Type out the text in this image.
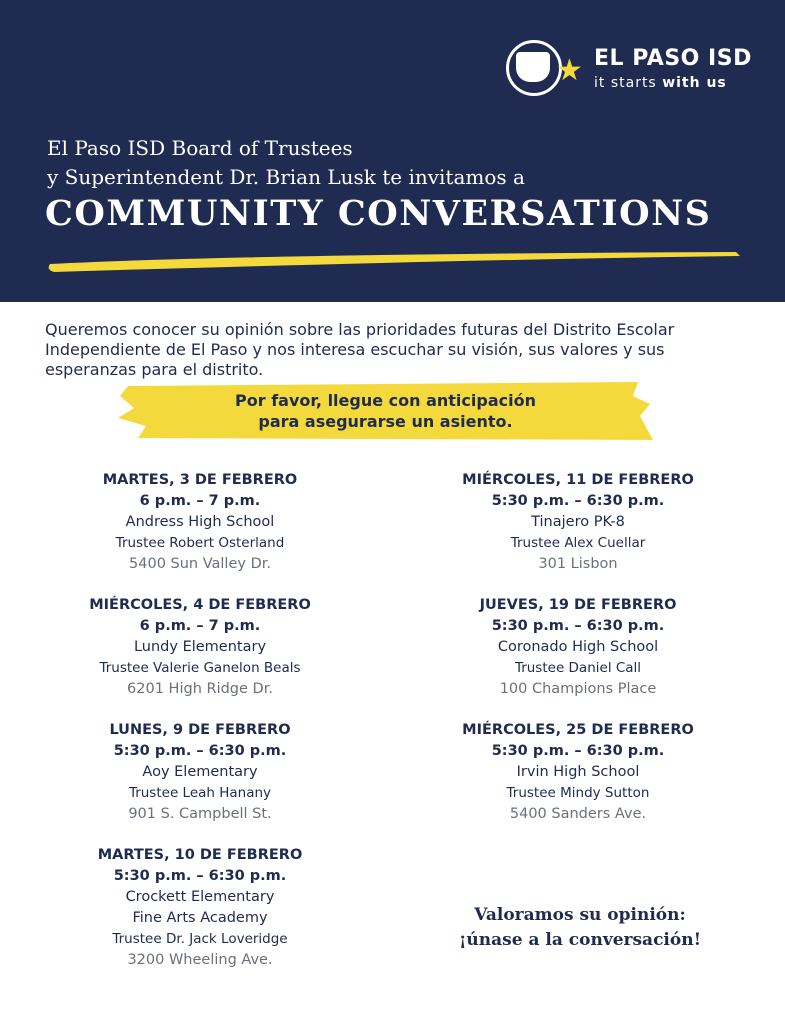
★ EL PASO ISD
it starts with us
El Paso ISD Board of Trustees
y Superintendent Dr. Brian Lusk te invitamos a
COMMUNITY CONVERSATIONS
Queremos conocer su opinión sobre las prioridades futuras del Distrito Escolar Independiente de El Paso y nos interesa escuchar su visión, sus valores y sus esperanzas para el distrito.
Por favor, llegue con anticipación
para asegurarse un asiento.
MARTES, 3 DE FEBRERO
6 p.m. – 7 p.m.
Andress High School
Trustee Robert Osterland
5400 Sun Valley Dr.
MIÉRCOLES, 4 DE FEBRERO
6 p.m. – 7 p.m.
Lundy Elementary
Trustee Valerie Ganelon Beals
6201 High Ridge Dr.
LUNES, 9 DE FEBRERO
5:30 p.m. – 6:30 p.m.
Aoy Elementary
Trustee Leah Hanany
901 S. Campbell St.
MARTES, 10 DE FEBRERO
5:30 p.m. – 6:30 p.m.
Crockett Elementary
Fine Arts Academy
Trustee Dr. Jack Loveridge
3200 Wheeling Ave.
MIÉRCOLES, 11 DE FEBRERO
5:30 p.m. – 6:30 p.m.
Tinajero PK-8
Trustee Alex Cuellar
301 Lisbon
JUEVES, 19 DE FEBRERO
5:30 p.m. – 6:30 p.m.
Coronado High School
Trustee Daniel Call
100 Champions Place
MIÉRCOLES, 25 DE FEBRERO
5:30 p.m. – 6:30 p.m.
Irvin High School
Trustee Mindy Sutton
5400 Sanders Ave.
Valoramos su opinión:
¡únase a la conversación!
